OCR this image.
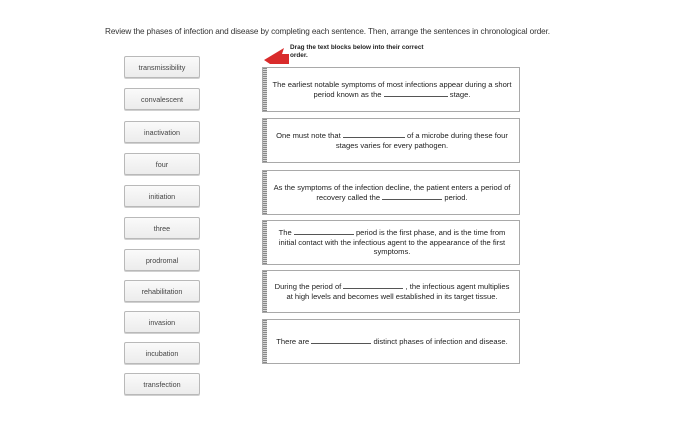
Review the phases of infection and disease by completing each sentence. Then, arrange the sentences in chronological order.
Drag the text blocks below into their correct order.
transmissibility
convalescent
inactivation
four
initiation
three
prodromal
rehabilitation
invasion
incubation
transfection
The earliest notable symptoms of most infections appear during a short period known as the	stage.
One must note that	of a microbe during these four stages varies for every pathogen.
As the symptoms of the infection decline, the patient enters a period of recovery called the	period.
The	period is the first phase, and is the time from initial contact with the infectious agent to the appearance of the first symptoms.
During the period of	, the infectious agent multiplies at high levels and becomes well established in its target tissue.
There are	distinct phases of infection and disease.
